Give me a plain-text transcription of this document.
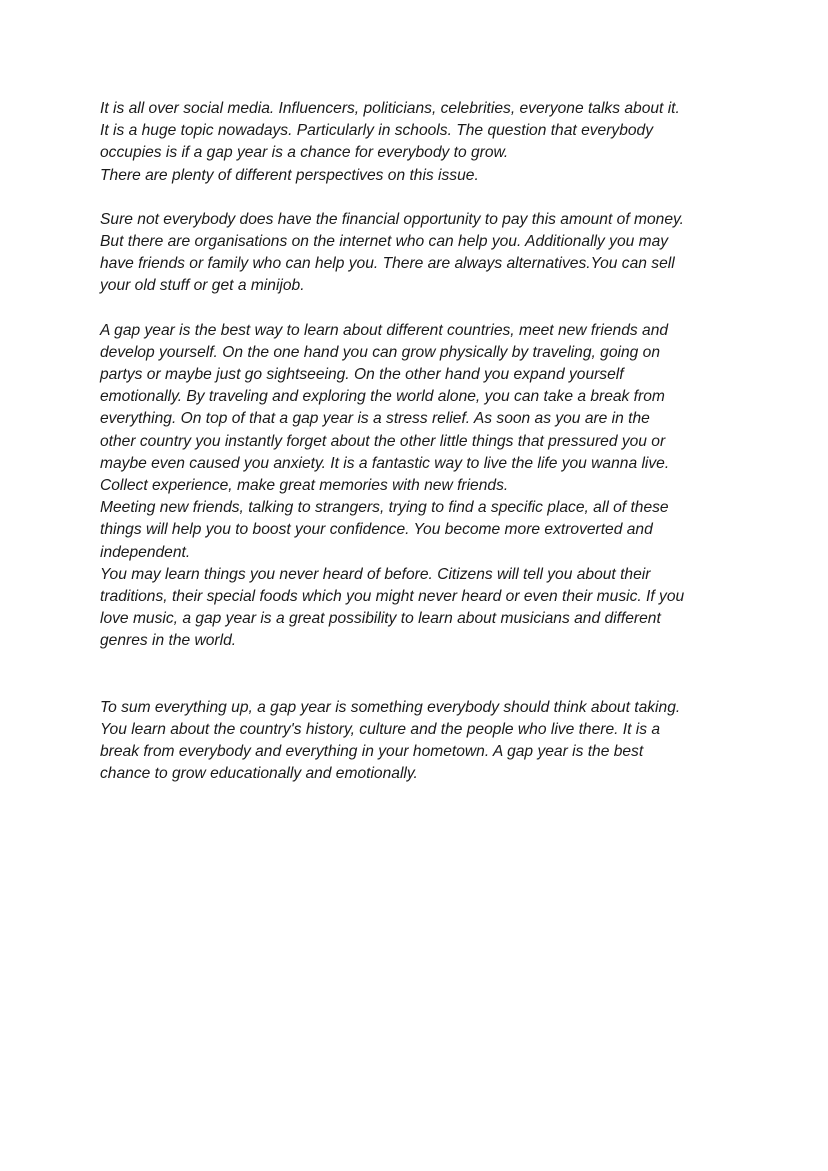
It is all over social media. Influencers, politicians, celebrities, everyone talks about it.
It is a huge topic nowadays. Particularly in schools. The question that everybody
occupies is if a gap year is a chance for everybody to grow.
There are plenty of different perspectives on this issue.

Sure not everybody does have the financial opportunity to pay this amount of money.
But there are organisations on the internet who can help you. Additionally you may
have friends or family who can help you. There are always alternatives.You can sell
your old stuff or get a minijob.

A gap year is the best way to learn about different countries, meet new friends and
develop yourself. On the one hand you can grow physically by traveling, going on
partys or maybe just go sightseeing. On the other hand you expand yourself
emotionally. By traveling and exploring the world alone, you can take a break from
everything. On top of that a gap year is a stress relief. As soon as you are in the
other country you instantly forget about the other little things that pressured you or
maybe even caused you anxiety. It is a fantastic way to live the life you wanna live.
Collect experience, make great memories with new friends.
Meeting new friends, talking to strangers, trying to find a specific place, all of these
things will help you to boost your confidence. You become more extroverted and
independent.
You may learn things you never heard of before. Citizens will tell you about their
traditions, their special foods which you might never heard or even their music. If you
love music, a gap year is a great possibility to learn about musicians and different
genres in the world.

To sum everything up, a gap year is something everybody should think about taking.
You learn about the country's history, culture and the people who live there. It is a
break from everybody and everything in your hometown. A gap year is the best
chance to grow educationally and emotionally.
